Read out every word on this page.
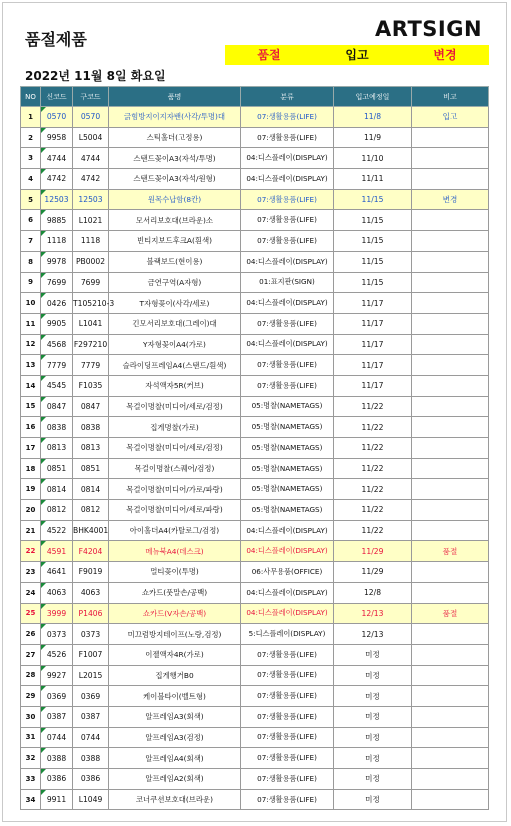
품절제품	ARTSIGN
품절	입고	변경
2022년 11월 8일 화요일
NO	신코드	구코드	품명	분류	입고예정일	비고
1	0570	0570	긁힘방지이지자밴(사각/투명)대	07:생활용품(LIFE)	11/8	입고
2	9958	L5004	스틱홀더(고정용)	07:생활용품(LIFE)	11/9	
3	4744	4744	스탠드꽂이A3(자석/투명)	04:디스플레이(DISPLAY)	11/10	
4	4742	4742	스탠드꽂이A3(자석/원형)	04:디스플레이(DISPLAY)	11/11	
5	12503	12503	원목수납함(8칸)	07:생활용품(LIFE)	11/15	변경
6	9885	L1021	모서리보호대(브라운)소	07:생활용품(LIFE)	11/15	
7	1118	1118	빈티지보드후크A(흰색)	07:생활용품(LIFE)	11/15	
8	9978	PB0002	블랙보드(현이용)	04:디스플레이(DISPLAY)	11/15	
9	7699	7699	금연구역(A자형)	01:표지판(SIGN)	11/15	
10	0426	T105210-3	T자형꽂이(사각/세로)	04:디스플레이(DISPLAY)	11/17	
11	9905	L1041	긴모서리보호대(그레이)대	07:생활용품(LIFE)	11/17	
12	4568	F297210	Y자형꽂이A4(가로)	04:디스플레이(DISPLAY)	11/17	
13	7779	7779	슬라이딩프레임A4(스탠드/흰색)	07:생활용품(LIFE)	11/17	
14	4545	F1035	자석액자5R(커브)	07:생활용품(LIFE)	11/17	
15	0847	0847	목걸이명찰(미디어/세로/검정)	05:명찰(NAMETAGS)	11/22	
16	0838	0838	집게명찰(가로)	05:명찰(NAMETAGS)	11/22	
17	0813	0813	목걸이명찰(미디어/세로/검정)	05:명찰(NAMETAGS)	11/22	
18	0851	0851	목걸이명찰(스퀘어/검정)	05:명찰(NAMETAGS)	11/22	
19	0814	0814	목걸이명찰(미디어/가로/파랑)	05:명찰(NAMETAGS)	11/22	
20	0812	0812	목걸이명찰(미디어/세로/파랑)	05:명찰(NAMETAGS)	11/22	
21	4522	BHK4001	아이홀더A4(카탈로그/검정)	04:디스플레이(DISPLAY)	11/22	
22	4591	F4204	메뉴북A4(데스크)	04:디스플레이(DISPLAY)	11/29	품절
23	4641	F9019	멀티꽂이(투명)	06:사무용품(OFFICE)	11/29	
24	4063	4063	쇼카드(풋말손/공백)	04:디스플레이(DISPLAY)	12/8	
25	3999	P1406	쇼카드(V자손/공백)	04:디스플레이(DISPLAY)	12/13	품절
26	0373	0373	미끄럼방지테이프(노랑,검정)	5:디스플레이(DISPLAY)	12/13	
27	4526	F1007	이젤액자4R(가로)	07:생활용품(LIFE)	미정	
28	9927	L2015	집게행거B0	07:생활용품(LIFE)	미정	
29	0369	0369	케이블타이(벨트형)	07:생활용품(LIFE)	미정	
30	0387	0387	알프레임A3(회색)	07:생활용품(LIFE)	미정	
31	0744	0744	알프레임A3(검정)	07:생활용품(LIFE)	미정	
32	0388	0388	알프레임A4(회색)	07:생활용품(LIFE)	미정	
33	0386	0386	알프레임A2(회색)	07:생활용품(LIFE)	미정	
34	9911	L1049	코너쿠션보호대(브라운)	07:생활용품(LIFE)	미정	
